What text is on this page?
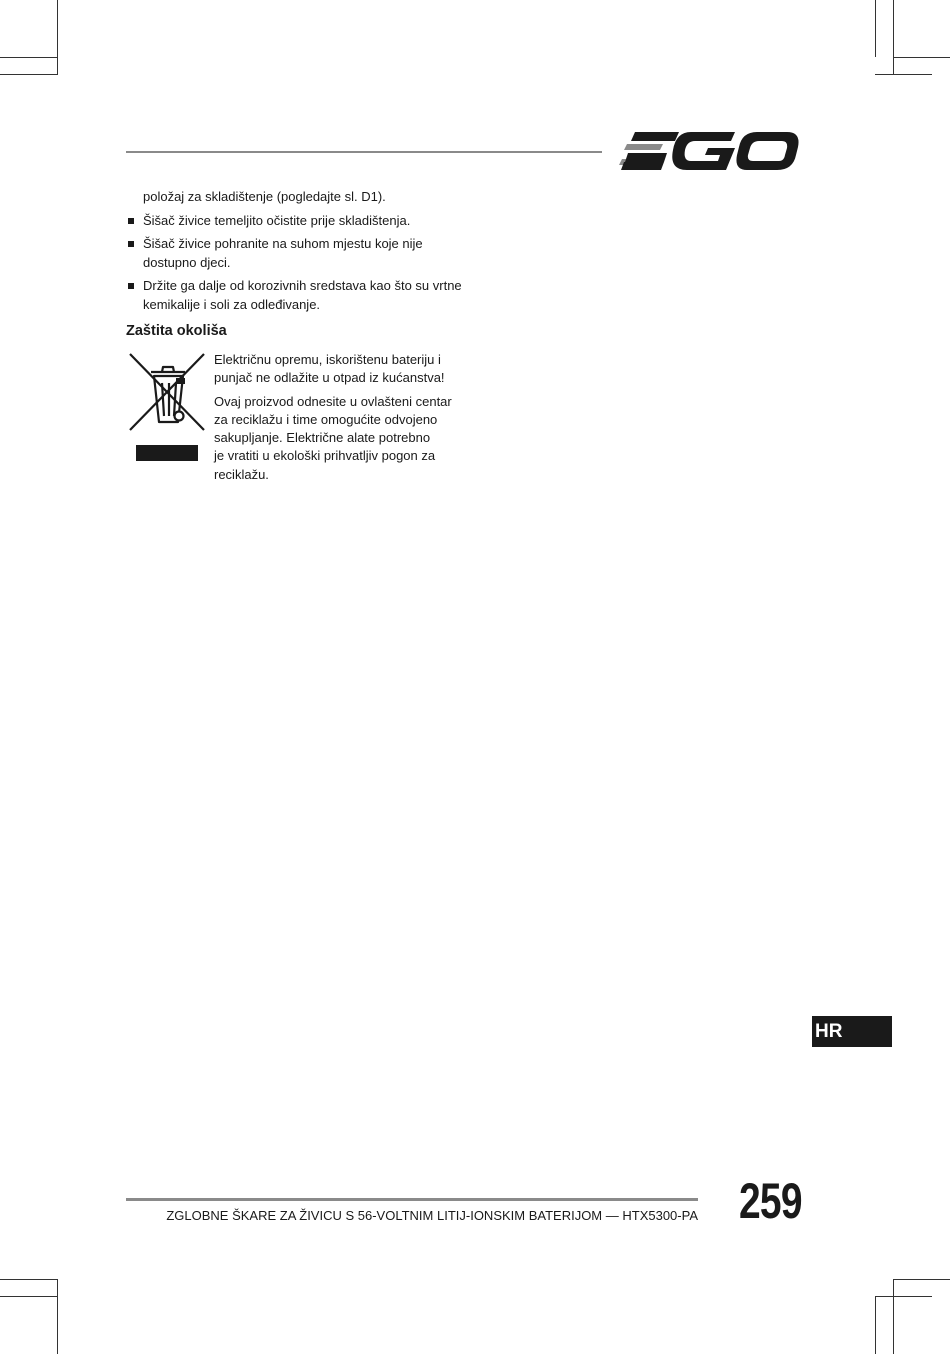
položaj za skladištenje (pogledajte sl. D1).
Šišač živice temeljito očistite prije skladištenja.
Šišač živice pohranite na suhom mjestu koje nije
dostupno djeci.
Držite ga dalje od korozivnih sredstava kao što su vrtne
kemikalije i soli za odleđivanje.
Zaštita okoliša

Električnu opremu, iskorištenu bateriju i
punjač ne odlažite u otpad iz kućanstva!

Ovaj proizvod odnesite u ovlašteni centar
za reciklažu i time omogućite odvojeno
sakupljanje. Električne alate potrebno
je vratiti u ekološki prihvatljiv pogon za
reciklažu.

HR
ZGLOBNE ŠKARE ZA ŽIVICU S 56-VOLTNIM LITIJ-IONSKIM BATERIJOM — HTX5300-PA 259
